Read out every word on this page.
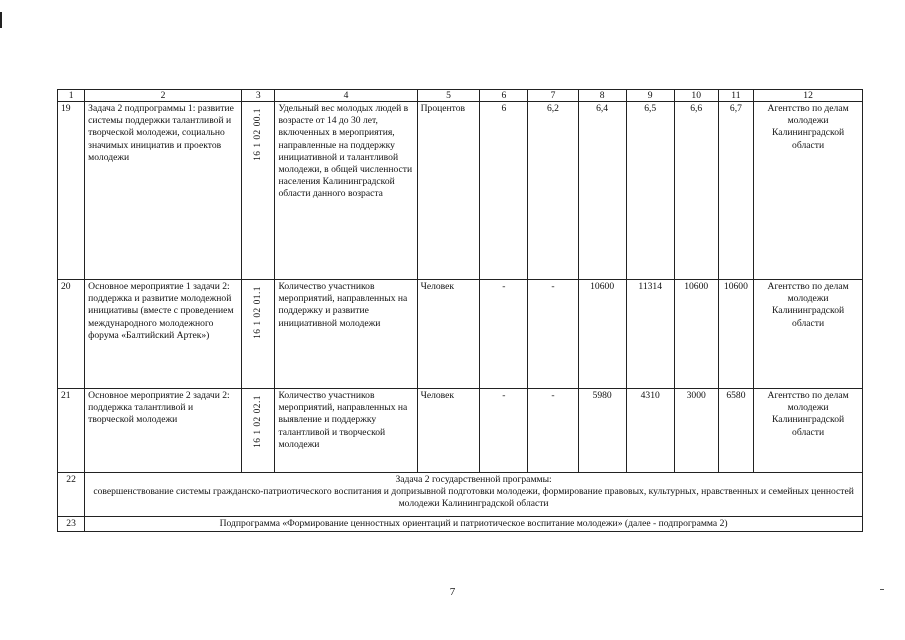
1	2	3	4	5	6	7	8	9	10	11	12
19	Задача 2 подпрограммы 1: развитие системы поддержки талантливой и творческой молодежи, социально значимых инициатив и проектов молодежи	16 1 02 00.1	Удельный вес молодых людей в возрасте от 14 до 30 лет, включенных в мероприятия, направленные на поддержку инициативной и талантливой молодежи, в общей численности населения Калининградской области данного возраста	Процентов	6	6,2	6,4	6,5	6,6	6,7	Агентство по делам молодежи Калининградской области
20	Основное мероприятие 1 задачи 2: поддержка и развитие молодежной инициативы (вместе с проведением международного молодежного форума «Балтийский Артек»)	16 1 02 01.1	Количество участников мероприятий, направленных на поддержку и развитие инициативной молодежи	Человек	-	-	10600	11314	10600	10600	Агентство по делам молодежи Калининградской области
21	Основное мероприятие 2 задачи 2: поддержка талантливой и творческой молодежи	16 1 02 02.1	Количество участников мероприятий, направленных на выявление и поддержку талантливой и творческой молодежи	Человек	-	-	5980	4310	3000	6580	Агентство по делам молодежи Калининградской области
22	Задача 2 государственной программы:
совершенствование системы гражданско-патриотического воспитания и допризывной подготовки молодежи, формирование правовых, культурных, нравственных и семейных ценностей молодежи Калининградской области										

23	Подпрограмма «Формирование ценностных ориентаций и патриотическое воспитание молодежи» (далее - подпрограмма 2)										
7
